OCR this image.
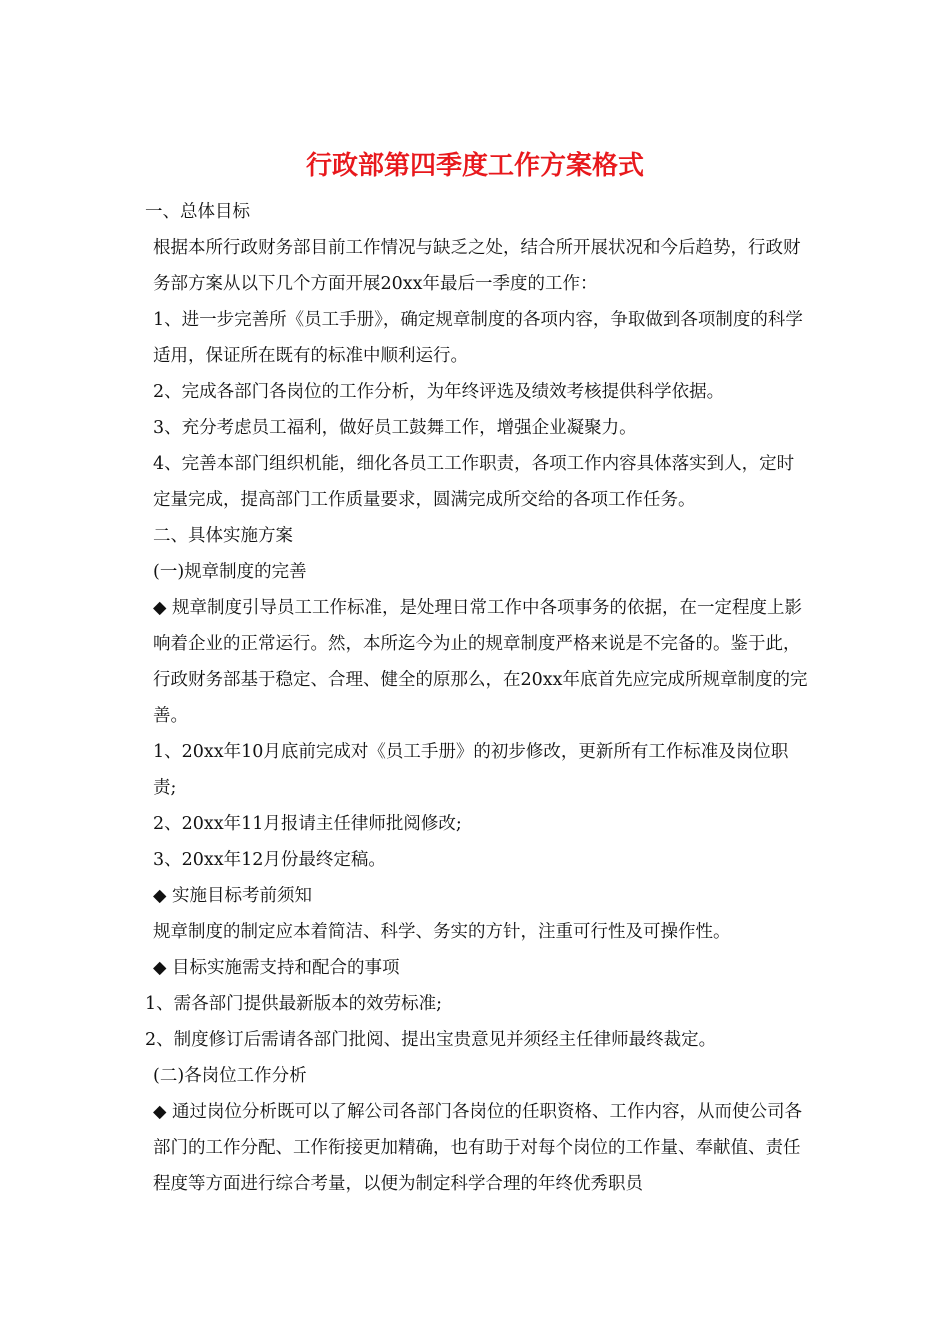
行政部第四季度工作方案格式

一、总体目标

根据本所行政财务部目前工作情况与缺乏之处，结合所开展状况和今后趋势，行政财务部方案从以下几个方面开展20xx年最后一季度的工作：

1、进一步完善所《员工手册》，确定规章制度的各项内容，争取做到各项制度的科学适用，保证所在既有的标准中顺利运行。

2、完成各部门各岗位的工作分析，为年终评选及绩效考核提供科学依据。

3、充分考虑员工福利，做好员工鼓舞工作，增强企业凝聚力。

4、完善本部门组织机能，细化各员工工作职责，各项工作内容具体落实到人，定时定量完成，提高部门工作质量要求，圆满完成所交给的各项工作任务。

二、具体实施方案

(一)规章制度的完善

◆ 规章制度引导员工工作标准，是处理日常工作中各项事务的依据，在一定程度上影响着企业的正常运行。然，本所迄今为止的规章制度严格来说是不完备的。鉴于此，行政财务部基于稳定、合理、健全的原那么，在20xx年底首先应完成所规章制度的完善。

1、20xx年10月底前完成对《员工手册》的初步修改，更新所有工作标准及岗位职责;

2、20xx年11月报请主任律师批阅修改;

3、20xx年12月份最终定稿。

◆ 实施目标考前须知

规章制度的制定应本着简洁、科学、务实的方针，注重可行性及可操作性。

◆ 目标实施需支持和配合的事项

1、需各部门提供最新版本的效劳标准;

2、制度修订后需请各部门批阅、提出宝贵意见并须经主任律师最终裁定。

(二)各岗位工作分析

◆ 通过岗位分析既可以了解公司各部门各岗位的任职资格、工作内容，从而使公司各部门的工作分配、工作衔接更加精确，也有助于对每个岗位的工作量、奉献值、责任程度等方面进行综合考量，以便为制定科学合理的年终优秀职员
